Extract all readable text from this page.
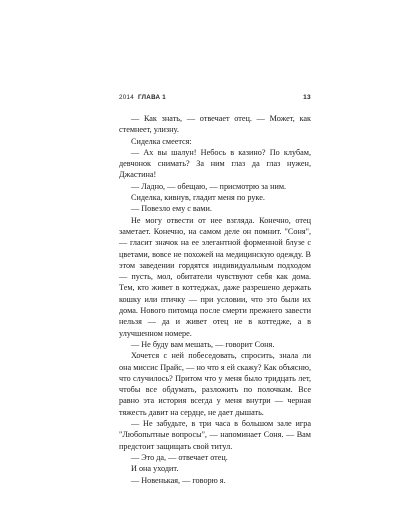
2014 ГЛАВА 1	13

— Как знать, — отвечает отец. — Может, как стемнеет, улизну.

Сиделка смеется:

— Ах вы шалун! Небось в казино? По клубам, девчонок снимать? За ним глаз да глаз нужен, Джастина!

— Ладно, — обещаю, — присмотрю за ним.

Сиделка, кивнув, гладит меня по руке.

— Повезло ему с вами.

Не могу отвести от нее взгляда. Конечно, отец заметает. Конечно, на самом деле он помнит. "Соня", — гласит значок на ее элегантной форменной блузе с цветами, вовсе не похожей на медицинскую одежду. В этом заведении гордятся индивидуальным подходом — пусть, мол, обитатели чувствуют себя как дома. Тем, кто живет в коттеджах, даже разрешено держать кошку или птичку — при условии, что это были их дома. Нового питомца после смерти прежнего завести нельзя — да и живет отец не в коттедже, а в улучшенном номере.

— Не буду вам мешать, — говорит Соня.

Хочется с ней побеседовать, спросить, знала ли она миссис Прайс, — но что я ей скажу? Как объясню, что случилось? Притом что у меня было тридцать лет, чтобы все обдумать, разложить по полочкам. Все равно эта история всегда у меня внутри — черная тяжесть давит на сердце, не дает дышать.

— Не забудьте, в три часа в большом зале игра "Любопытные вопросы", — напоминает Соня. — Вам предстоит защищать свой титул.

— Это да, — отвечает отец.

И она уходит.

— Новенькая, — говорю я.
